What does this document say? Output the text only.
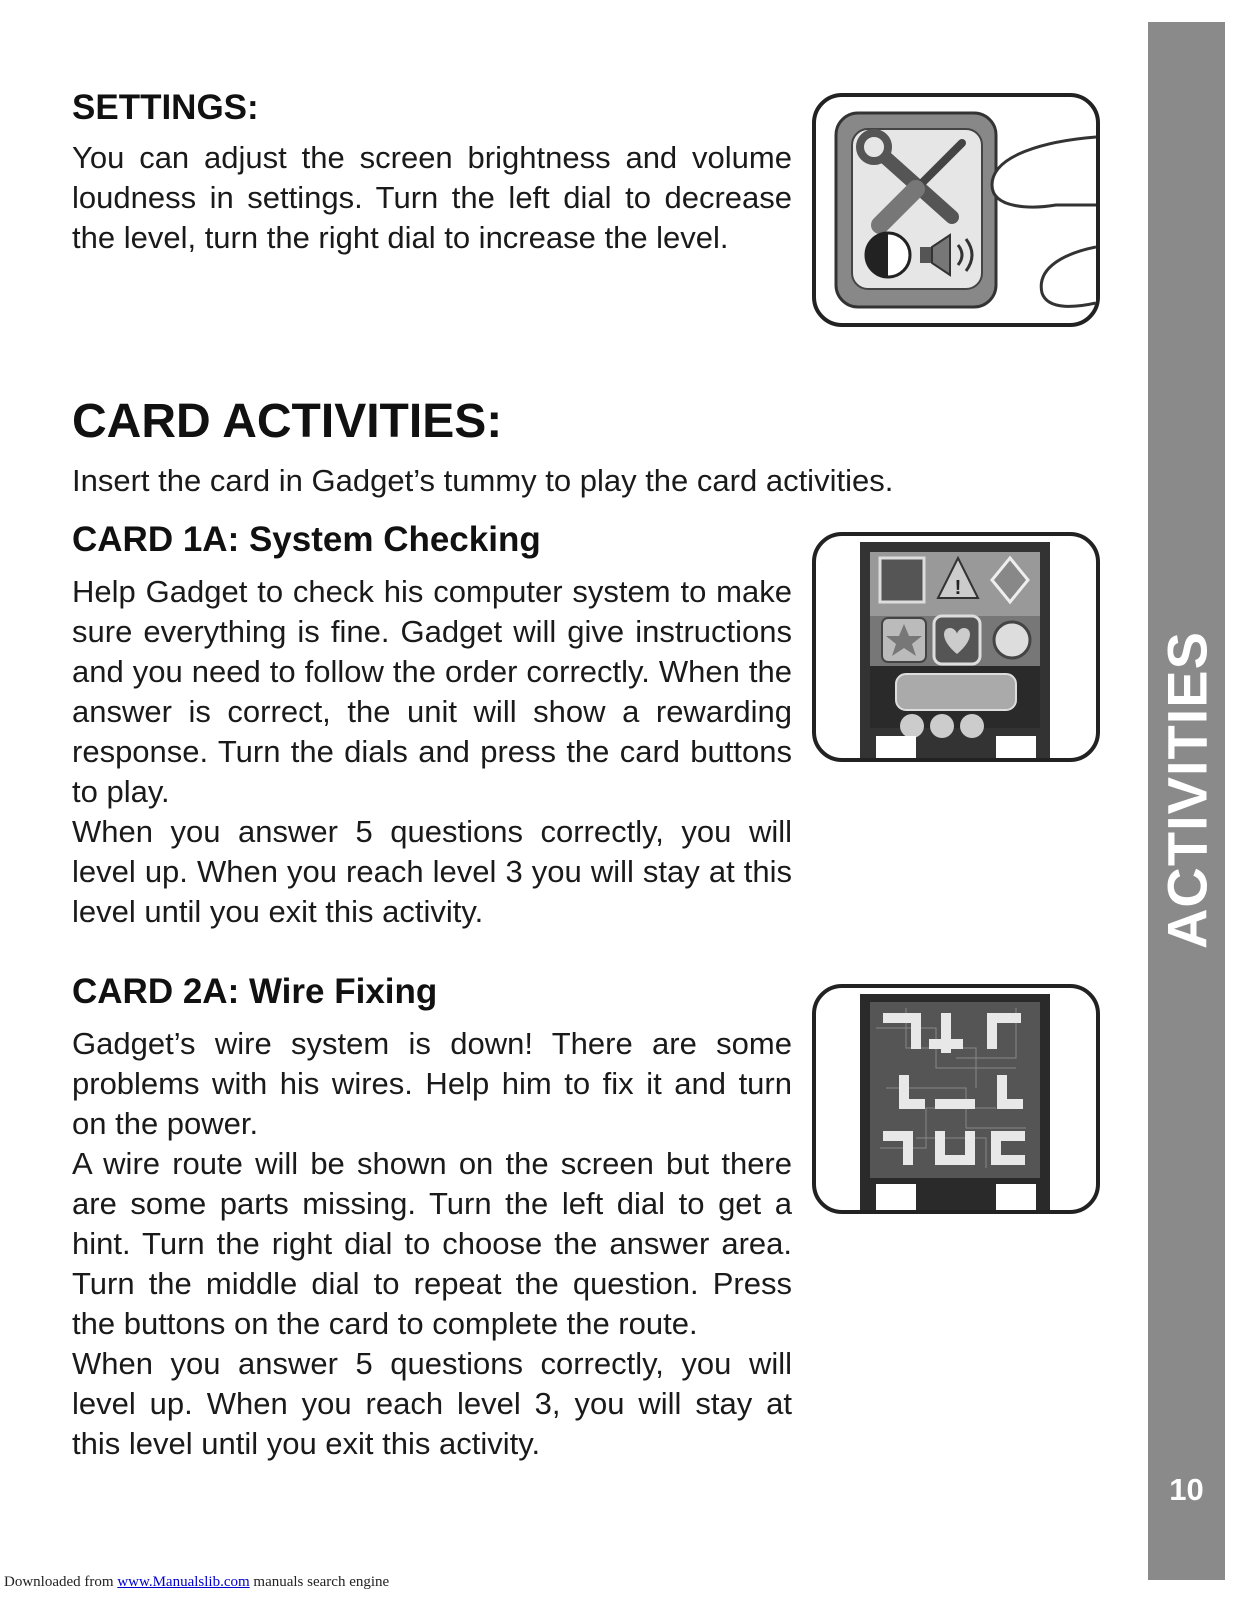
ACTIVITIES
10
SETTINGS:

You can adjust the screen brightness and volume loudness in settings. Turn the left dial to decrease the level, turn the right dial to increase the level.

CARD ACTIVITIES:

Insert the card in Gadget’s tummy to play the card activities.

CARD 1A: System Checking

Help Gadget to check his computer system to make sure everything is fine. Gadget will give instructions and you need to follow the order correctly. When the answer is correct, the unit will show a rewarding response. Turn the dials and press the card buttons to play.

When you answer 5 questions correctly, you will level up. When you reach level 3 you will stay at this level until you exit this activity.

!
CARD 2A: Wire Fixing

Gadget’s wire system is down! There are some problems with his wires. Help him to fix it and turn on the power.

A wire route will be shown on the screen but there are some parts missing. Turn the left dial to get a hint. Turn the right dial to choose the answer area. Turn the middle dial to repeat the question. Press the buttons on the card to complete the route.

When you answer 5 questions correctly, you will level up. When you reach level 3, you will stay at this level until you exit this activity.

Downloaded from www.Manualslib.com manuals search engine
